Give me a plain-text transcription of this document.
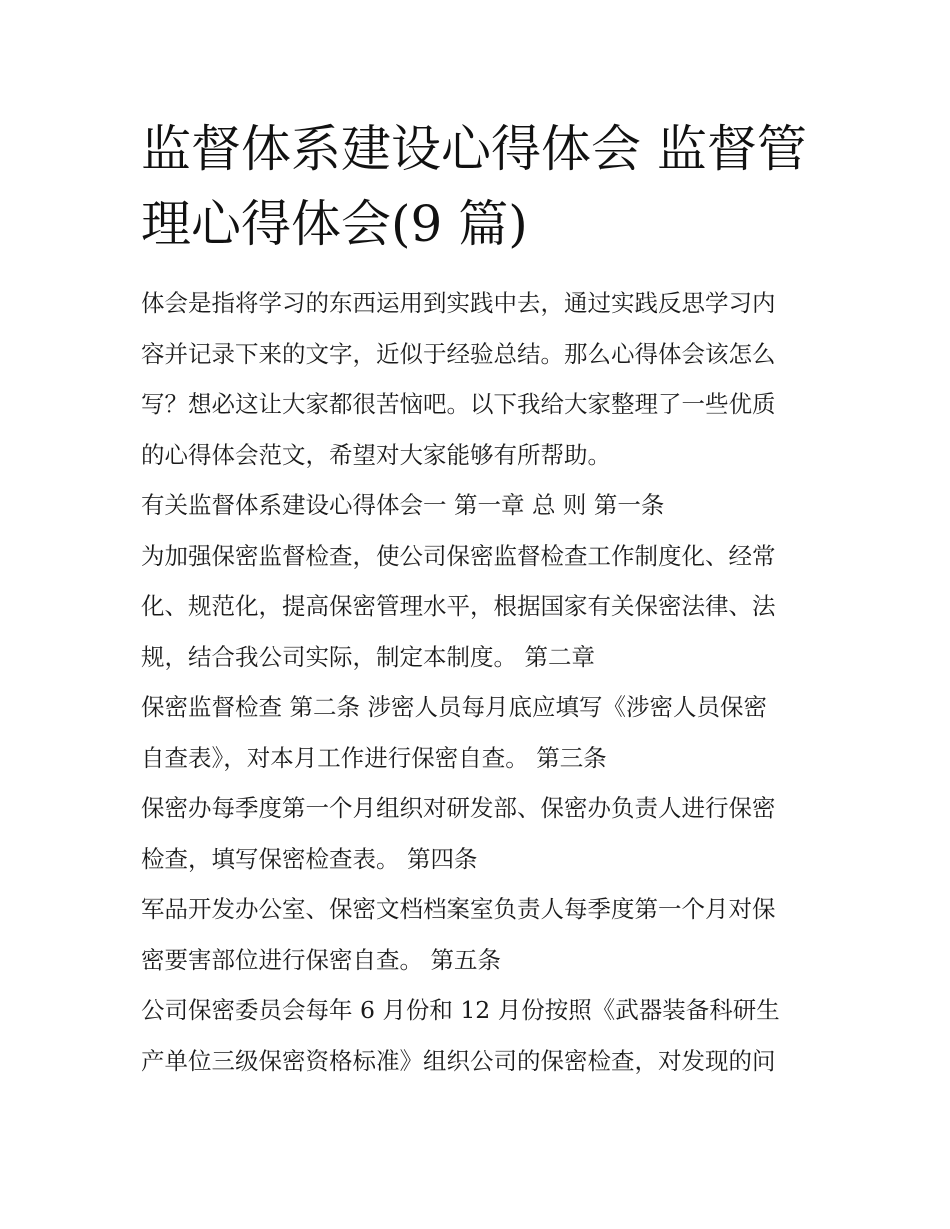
监督体系建设心得体会 监督管
理心得体会(9 篇)
体会是指将学习的东西运用到实践中去，通过实践反思学习内
容并记录下来的文字，近似于经验总结。那么心得体会该怎么
写？想必这让大家都很苦恼吧。以下我给大家整理了一些优质
的心得体会范文，希望对大家能够有所帮助。
有关监督体系建设心得体会一 第一章 总 则 第一条
为加强保密监督检查，使公司保密监督检查工作制度化、经常
化、规范化，提高保密管理水平，根据国家有关保密法律、法
规，结合我公司实际，制定本制度。 第二章
保密监督检查 第二条 涉密人员每月底应填写《涉密人员保密
自查表》，对本月工作进行保密自查。 第三条
保密办每季度第一个月组织对研发部、保密办负责人进行保密
检查，填写保密检查表。 第四条
军品开发办公室、保密文档档案室负责人每季度第一个月对保
密要害部位进行保密自查。 第五条
公司保密委员会每年 6 月份和 12 月份按照《武器装备科研生
产单位三级保密资格标准》组织公司的保密检查，对发现的问
